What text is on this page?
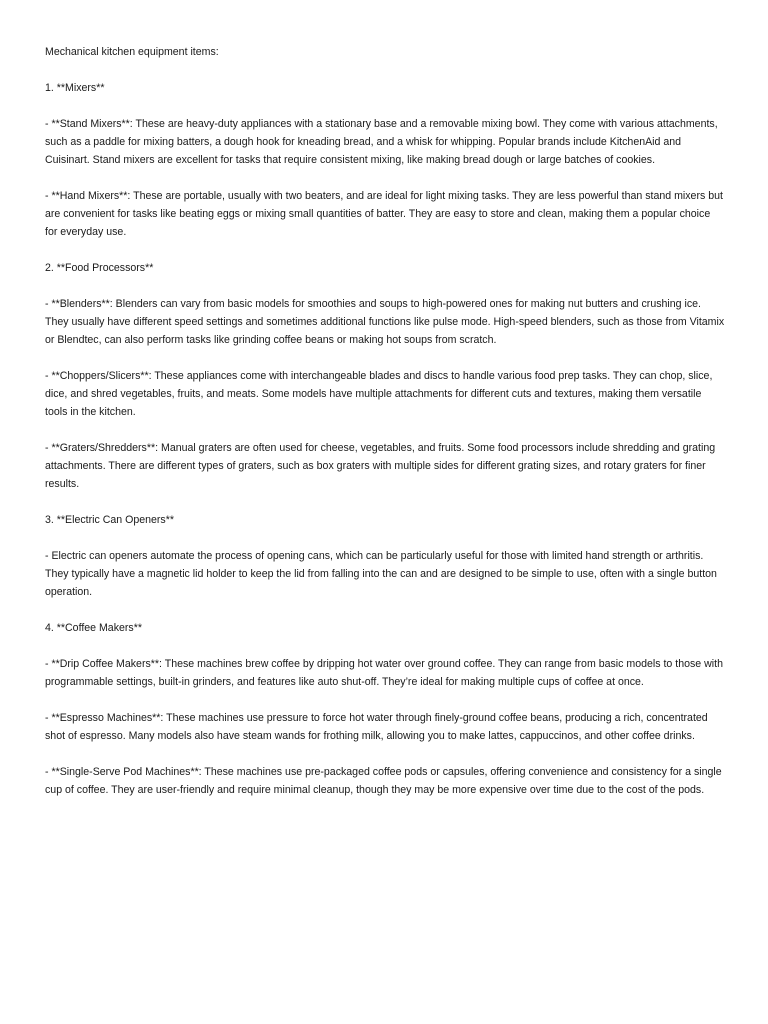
Mechanical kitchen equipment items:

1. **Mixers**

- **Stand Mixers**: These are heavy-duty appliances with a stationary base and a removable mixing bowl. They come with various attachments, such as a paddle for mixing batters, a dough hook for kneading bread, and a whisk for whipping. Popular brands include KitchenAid and Cuisinart. Stand mixers are excellent for tasks that require consistent mixing, like making bread dough or large batches of cookies.

- **Hand Mixers**: These are portable, usually with two beaters, and are ideal for light mixing tasks. They are less powerful than stand mixers but are convenient for tasks like beating eggs or mixing small quantities of batter. They are easy to store and clean, making them a popular choice for everyday use.

2. **Food Processors**

- **Blenders**: Blenders can vary from basic models for smoothies and soups to high-powered ones for making nut butters and crushing ice. They usually have different speed settings and sometimes additional functions like pulse mode. High-speed blenders, such as those from Vitamix or Blendtec, can also perform tasks like grinding coffee beans or making hot soups from scratch.

- **Choppers/Slicers**: These appliances come with interchangeable blades and discs to handle various food prep tasks. They can chop, slice, dice, and shred vegetables, fruits, and meats. Some models have multiple attachments for different cuts and textures, making them versatile tools in the kitchen.

- **Graters/Shredders**: Manual graters are often used for cheese, vegetables, and fruits. Some food processors include shredding and grating attachments. There are different types of graters, such as box graters with multiple sides for different grating sizes, and rotary graters for finer results.

3. **Electric Can Openers**

- Electric can openers automate the process of opening cans, which can be particularly useful for those with limited hand strength or arthritis. They typically have a magnetic lid holder to keep the lid from falling into the can and are designed to be simple to use, often with a single button operation.

4. **Coffee Makers**

- **Drip Coffee Makers**: These machines brew coffee by dripping hot water over ground coffee. They can range from basic models to those with programmable settings, built-in grinders, and features like auto shut-off. They’re ideal for making multiple cups of coffee at once.

- **Espresso Machines**: These machines use pressure to force hot water through finely-ground coffee beans, producing a rich, concentrated shot of espresso. Many models also have steam wands for frothing milk, allowing you to make lattes, cappuccinos, and other coffee drinks.

- **Single-Serve Pod Machines**: These machines use pre-packaged coffee pods or capsules, offering convenience and consistency for a single cup of coffee. They are user-friendly and require minimal cleanup, though they may be more expensive over time due to the cost of the pods.
